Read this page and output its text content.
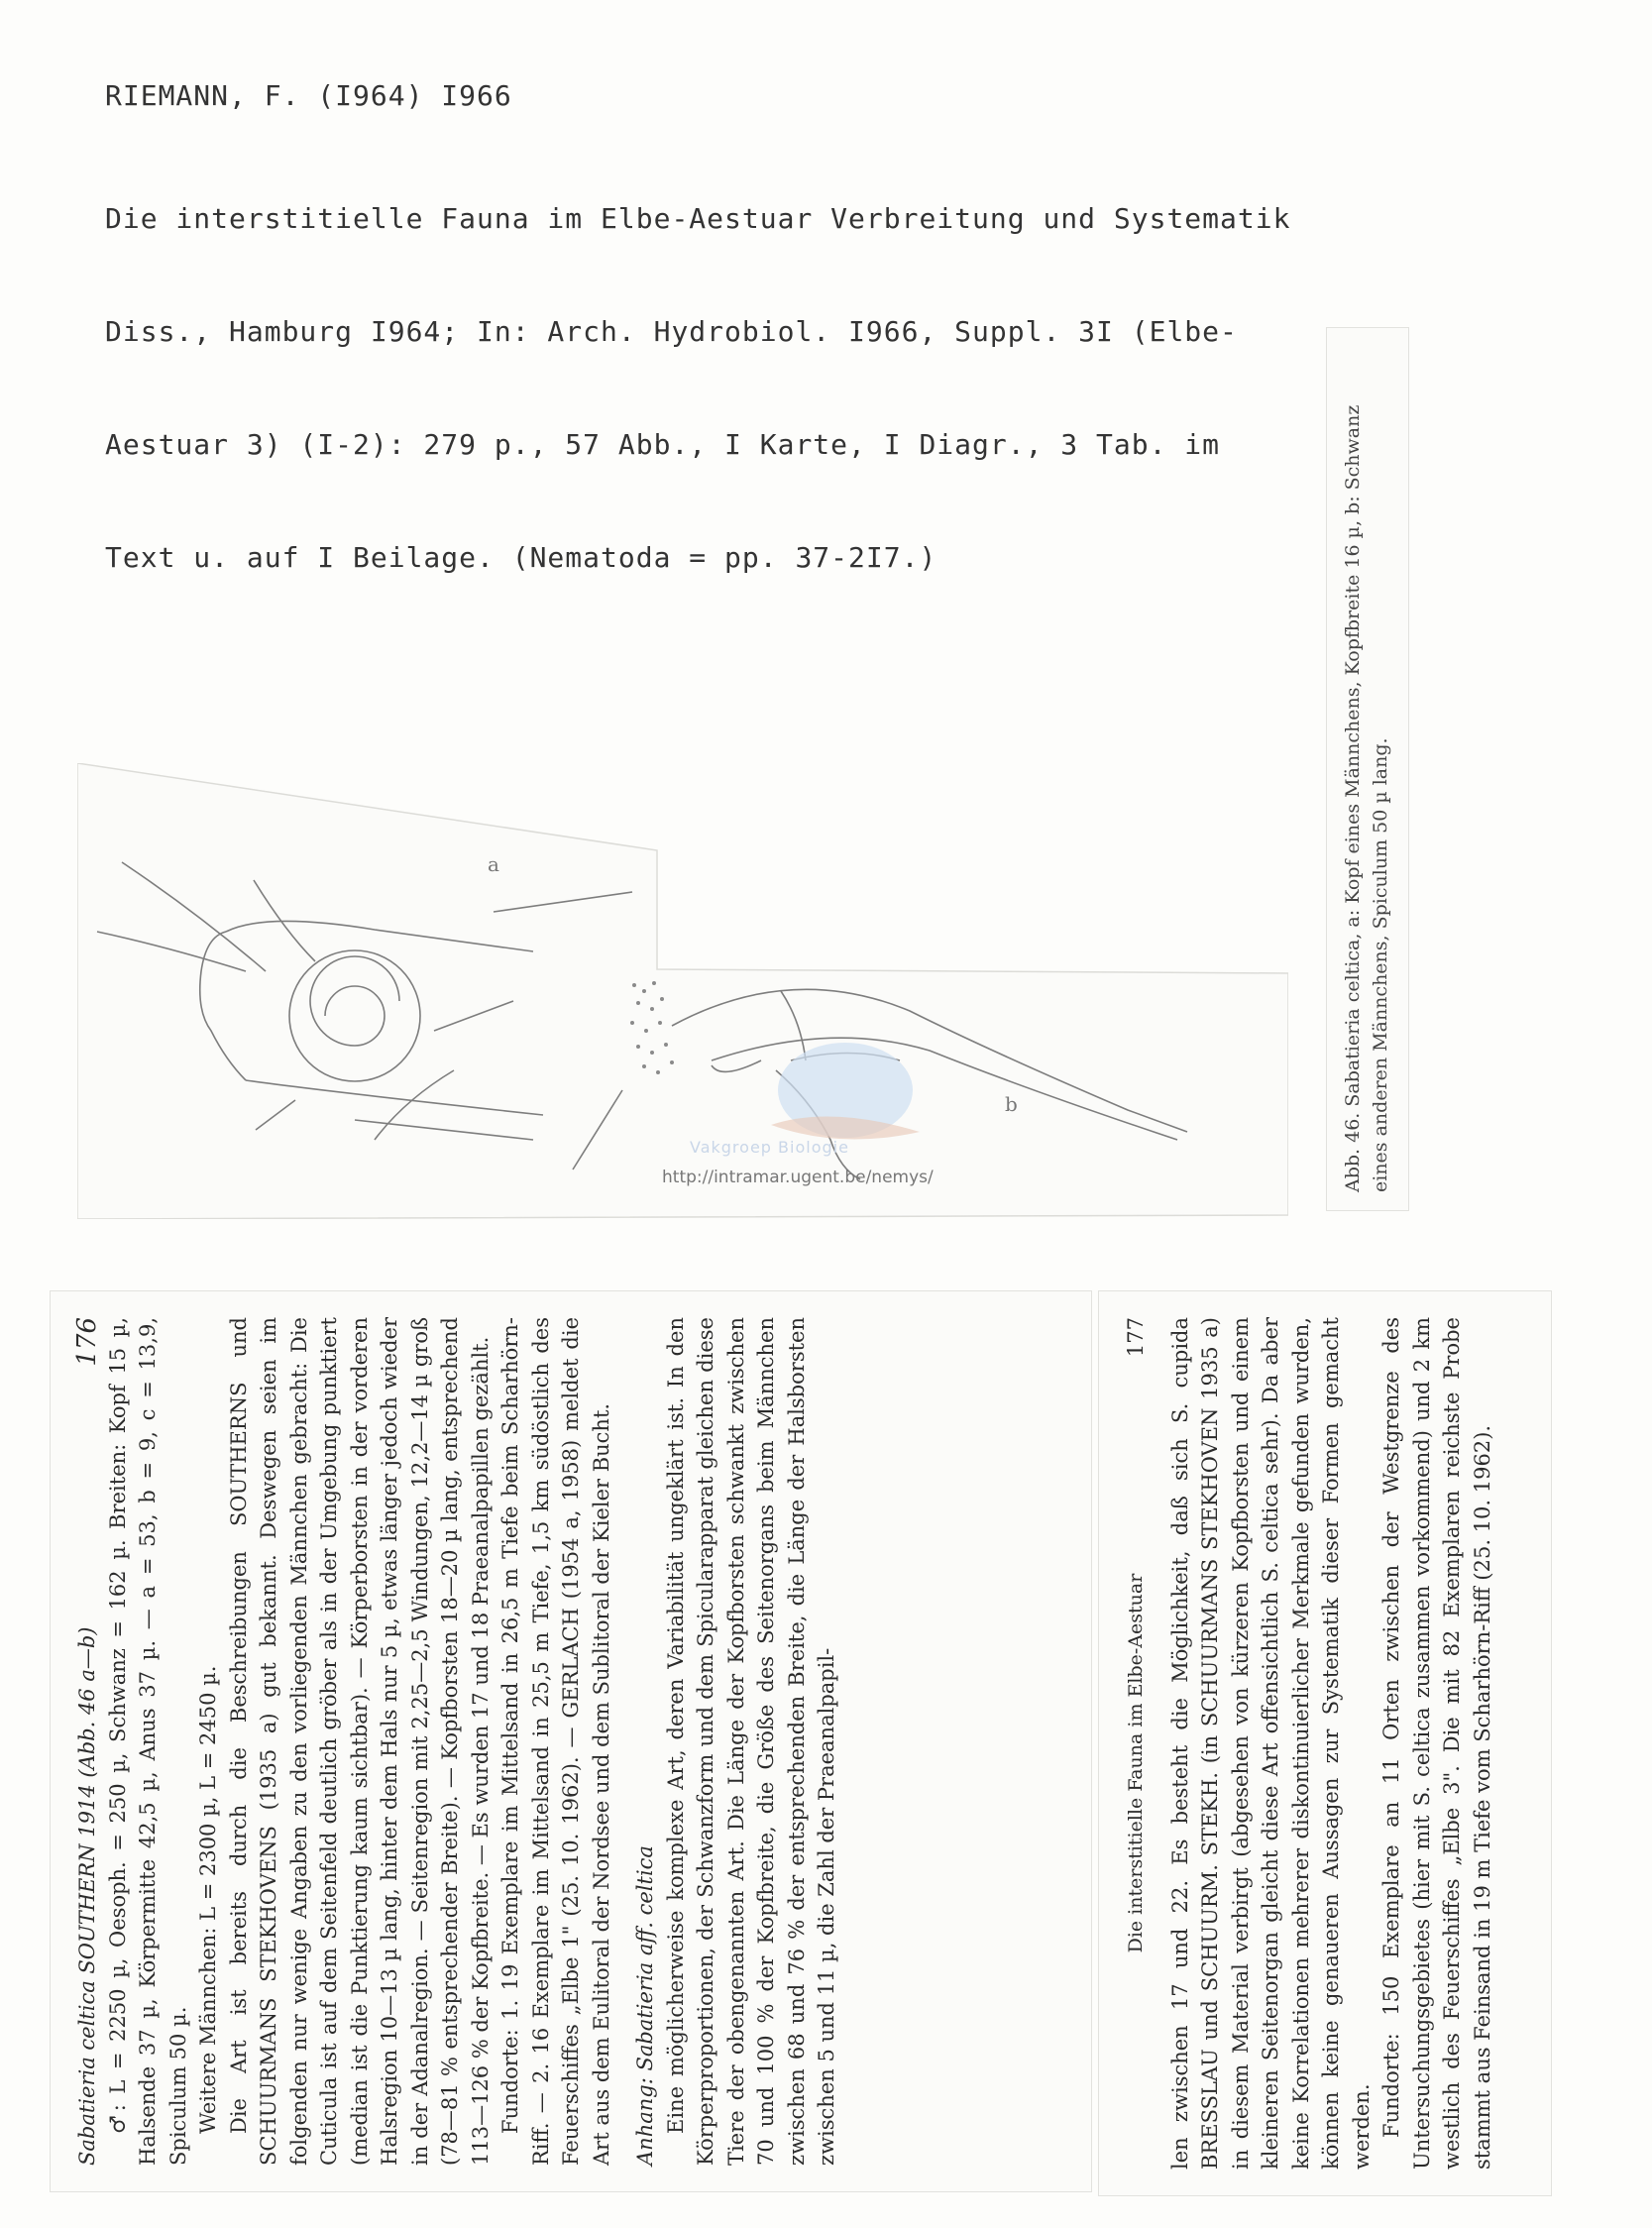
RIEMANN, F. (I964) I966

Die interstitielle Fauna im Elbe-Aestuar Verbreitung und Systematik

Diss., Hamburg I964; In: Arch. Hydrobiol. I966, Suppl. 3I (Elbe-

Aestuar 3) (I-2): 279 p., 57 Abb., I Karte, I Diagr., 3 Tab. im

Text u. auf I Beilage. (Nematoda = pp. 37-2I7.)

a
b
Vakgroep Biologie
http://intramar.ugent.be/nemys/	Abb. 46. Sabatieria celtica, a: Kopf eines Männchens, Kopfbreite 16 µ, b: Schwanz eines anderen Männchens, Spiculum 50 µ lang.
176

Sabatieria celtica SOUTHERN 1914 (Abb. 46 a—b) ♂: L = 2250 µ, Oesoph. = 250 µ, Schwanz = 162 µ. Breiten: Kopf 15 µ, Halsende 37 µ, Körpermitte 42,5 µ, Anus 37 µ. — a = 53, b = 9, c = 13,9, Spiculum 50 µ. Weitere Männchen: L = 2300 µ, L = 2450 µ. Die Art ist bereits durch die Beschreibungen SOUTHERNS und SCHUURMANS STEKHOVENS (1935 a) gut bekannt. Deswegen seien im folgenden nur wenige Angaben zu den vorliegenden Männchen gebracht: Die Cuticula ist auf dem Seitenfeld deutlich gröber als in der Umgebung punktiert (median ist die Punktierung kaum sichtbar). — Körperborsten in der vorderen Halsregion 10—13 µ lang, hinter dem Hals nur 5 µ, etwas länger jedoch wieder in der Adanalregion. — Seitenregion mit 2,25—2,5 Windungen, 12,2—14 µ groß (78—81 % entsprechender Breite). — Kopfborsten 18—20 µ lang, entsprechend 113—126 % der Kopfbreite. — Es wurden 17 und 18 Praeanalpapillen gezählt. Fundorte: 1. 19 Exemplare im Mittelsand in 26,5 m Tiefe beim Scharhörn-Riff. — 2. 16 Exemplare im Mittelsand in 25,5 m Tiefe, 1,5 km südöstlich des Feuerschiffes „Elbe 1" (25. 10. 1962). — GERLACH (1954 a, 1958) meldet die Art aus dem Eulitoral der Nordsee und dem Sublitoral der Kieler Bucht. Anhang: Sabatieria aff. celtica Eine möglicherweise komplexe Art, deren Variabilität ungeklärt ist. In den Körperproportionen, der Schwanzform und dem Spicularapparat gleichen diese Tiere der obengenannten Art. Die Länge der Kopfborsten schwankt zwischen 70 und 100 % der Kopfbreite, die Größe des Seitenorgans beim Männchen zwischen 68 und 76 % der entsprechenden Breite, die Länge der Halsborsten zwischen 5 und 11 µ, die Zahl der Praeanalpapil-	Die interstitielle Fauna im Elbe-Aestuar
177 len zwischen 17 und 22. Es besteht die Möglichkeit, daß sich S. cupida BRESSLAU und SCHUURM. STEKH. (in SCHUURMANS STEKHOVEN 1935 a) in diesem Material verbirgt (abgesehen von kürzeren Kopfborsten und einem kleineren Seitenorgan gleicht diese Art offensichtlich S. celtica sehr). Da aber keine Korrelationen mehrerer diskontinuierlicher Merkmale gefunden wurden, können keine genaueren Aussagen zur Systematik dieser Formen gemacht werden. Fundorte: 150 Exemplare an 11 Orten zwischen der Westgrenze des Untersuchungsgebietes (hier mit S. celtica zusammen vorkommend) und 2 km westlich des Feuerschiffes „Elbe 3". Die mit 82 Exemplaren reichste Probe stammt aus Feinsand in 19 m Tiefe vom Scharhörn-Riff (25. 10. 1962).
